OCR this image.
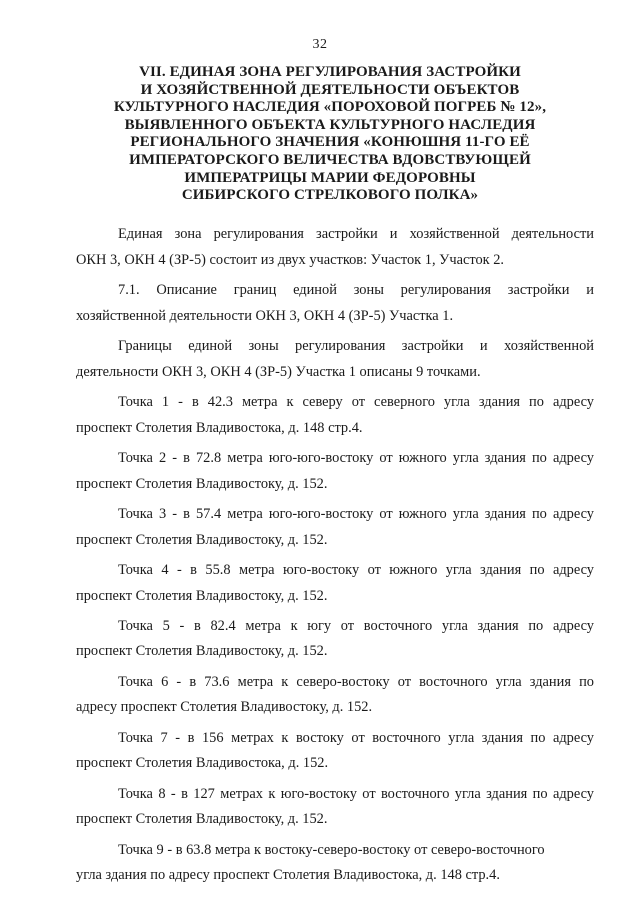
32
VII. ЕДИНАЯ ЗОНА РЕГУЛИРОВАНИЯ ЗАСТРОЙКИ
И ХОЗЯЙСТВЕННОЙ ДЕЯТЕЛЬНОСТИ ОБЪЕКТОВ
КУЛЬТУРНОГО НАСЛЕДИЯ «ПОРОХОВОЙ ПОГРЕБ № 12»,
ВЫЯВЛЕННОГО ОБЪЕКТА КУЛЬТУРНОГО НАСЛЕДИЯ
РЕГИОНАЛЬНОГО ЗНАЧЕНИЯ «КОНЮШНЯ 11-ГО ЕЁ
ИМПЕРАТОРСКОГО ВЕЛИЧЕСТВА ВДОВСТВУЮЩЕЙ
ИМПЕРАТРИЦЫ МАРИИ ФЕДОРОВНЫ
СИБИРСКОГО СТРЕЛКОВОГО ПОЛКА»

Единая зона регулирования застройки и хозяйственной деятельности
ОКН 3, ОКН 4 (ЗР-5) состоит из двух участков: Участок 1, Участок 2.

7.1. Описание границ единой зоны регулирования застройки и
хозяйственной деятельности ОКН 3, ОКН 4 (ЗР-5) Участка 1.

Границы единой зоны регулирования застройки и хозяйственной
деятельности ОКН 3, ОКН 4 (ЗР-5) Участка 1 описаны 9 точками.

Точка 1 - в 42.3 метра к северу от северного угла здания по адресу
проспект Столетия Владивостока, д. 148 стр.4.

Точка 2 - в 72.8 метра юго-юго-востоку от южного угла здания по адресу
проспект Столетия Владивостоку, д. 152.

Точка 3 - в 57.4 метра юго-юго-востоку от южного угла здания по адресу
проспект Столетия Владивостоку, д. 152.

Точка 4 - в 55.8 метра юго-востоку от южного угла здания по адресу
проспект Столетия Владивостоку, д. 152.

Точка 5 - в 82.4 метра к югу от восточного угла здания по адресу
проспект Столетия Владивостоку, д. 152.

Точка 6 - в 73.6 метра к северо-востоку от восточного угла здания по
адресу проспект Столетия Владивостоку, д. 152.

Точка 7 - в 156 метрах к востоку от восточного угла здания по адресу
проспект Столетия Владивостока, д. 152.

Точка 8 - в 127 метрах к юго-востоку от восточного угла здания по адресу
проспект Столетия Владивостоку, д. 152.

Точка 9 - в 63.8 метра к востоку-северо-востоку от северо-восточного
угла здания по адресу проспект Столетия Владивостока, д. 148 стр.4.
